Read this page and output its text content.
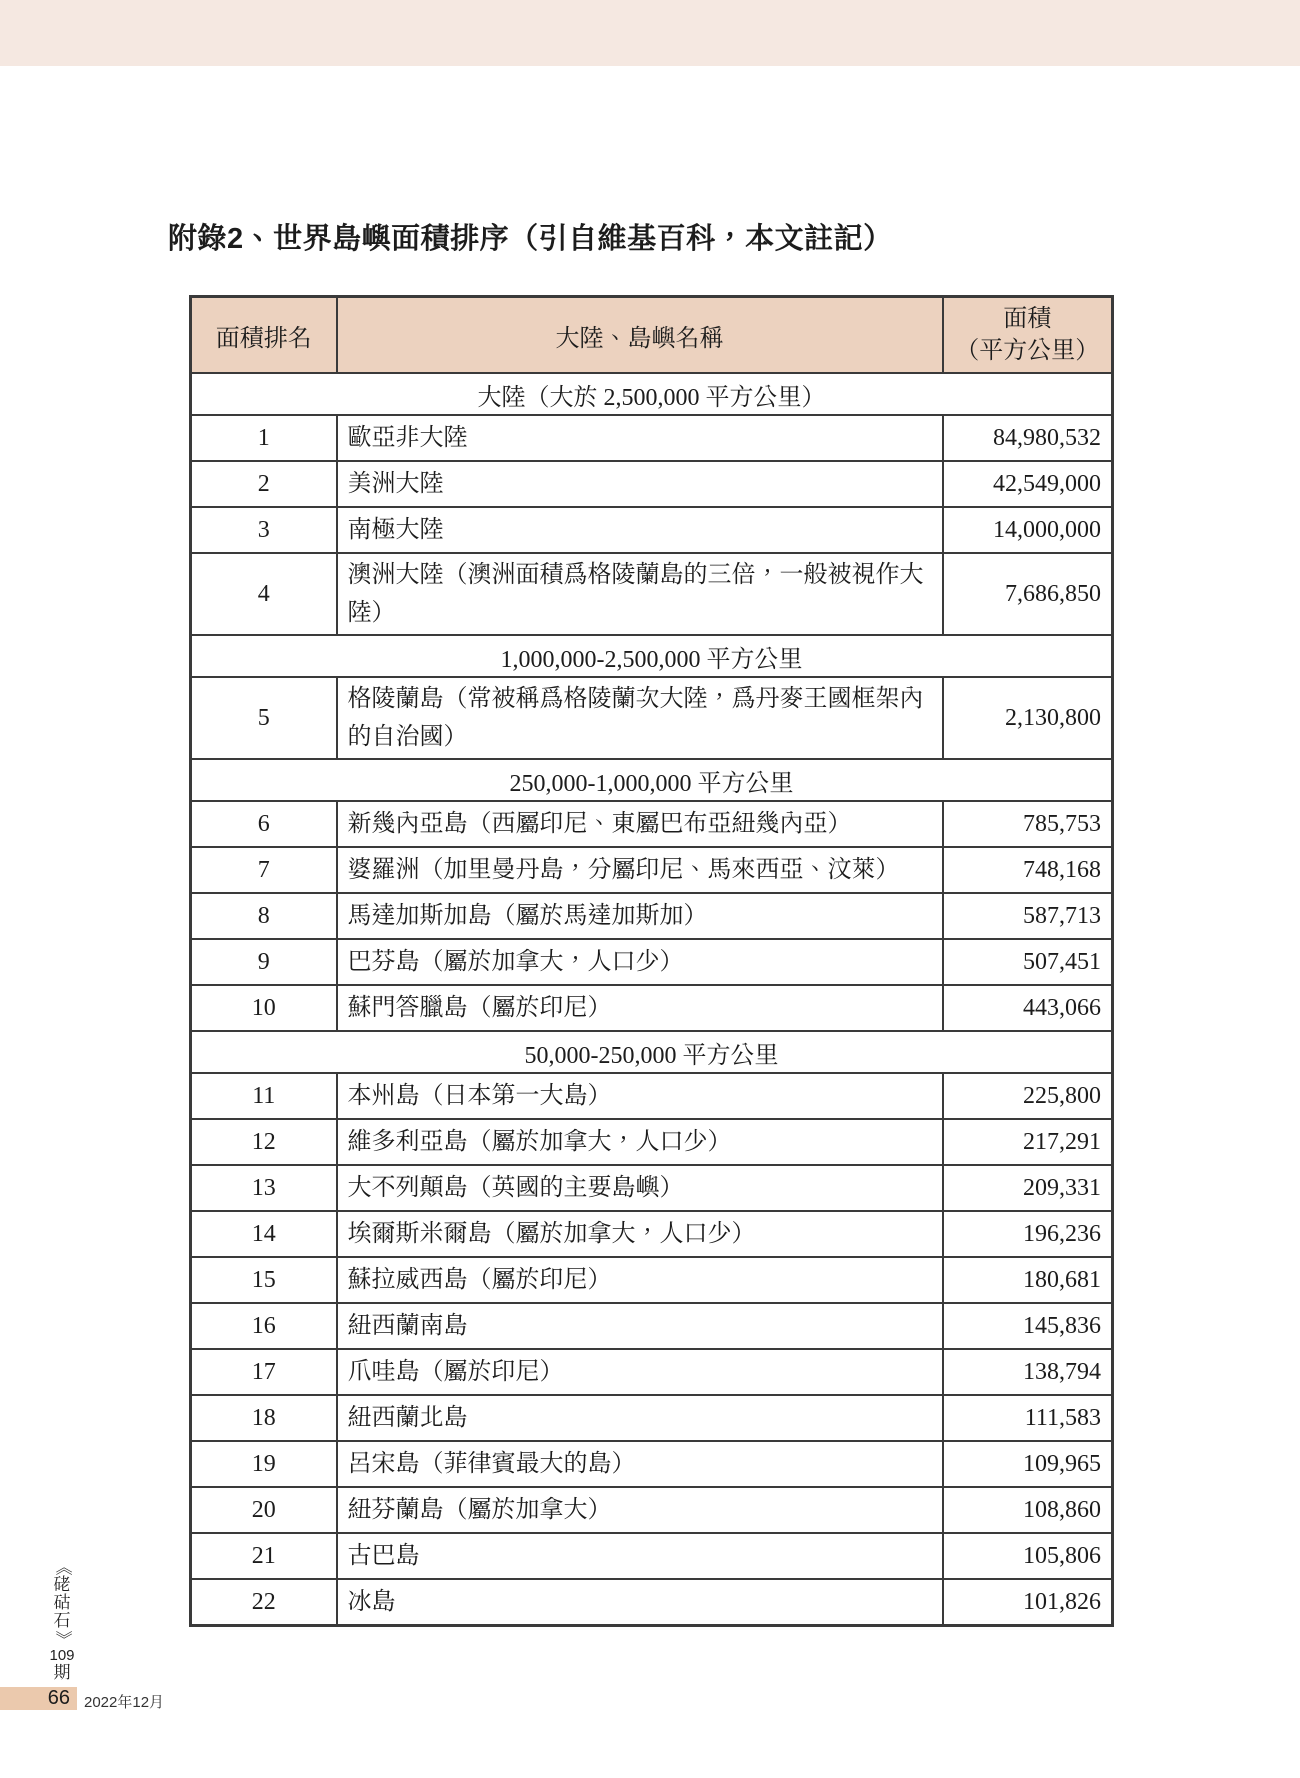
附錄2、世界島嶼面積排序（引自維基百科，本文註記）
面積排名	大陸、島嶼名稱	面積
（平方公里）

大陸（大於 2,500,000 平方公里）		
1	歐亞非大陸	84,980,532
2	美洲大陸	42,549,000
3	南極大陸	14,000,000
4	澳洲大陸（澳洲面積爲格陵蘭島的三倍，一般被視作大陸）	7,686,850
1,000,000-2,500,000 平方公里		
5	格陵蘭島（常被稱爲格陵蘭次大陸，爲丹麥王國框架內的自治國）	2,130,800
250,000-1,000,000 平方公里		
6	新幾內亞島（西屬印尼、東屬巴布亞紐幾內亞）	785,753
7	婆羅洲（加里曼丹島，分屬印尼、馬來西亞、汶萊）	748,168
8	馬達加斯加島（屬於馬達加斯加）	587,713
9	巴芬島（屬於加拿大，人口少）	507,451
10	蘇門答臘島（屬於印尼）	443,066
50,000-250,000 平方公里		
11	本州島（日本第一大島）	225,800
12	維多利亞島（屬於加拿大，人口少）	217,291
13	大不列顛島（英國的主要島嶼）	209,331
14	埃爾斯米爾島（屬於加拿大，人口少）	196,236
15	蘇拉威西島（屬於印尼）	180,681
16	紐西蘭南島	145,836
17	爪哇島（屬於印尼）	138,794
18	紐西蘭北島	111,583
19	呂宋島（菲律賓最大的島）	109,965
20	紐芬蘭島（屬於加拿大）	108,860
21	古巴島	105,806
22	冰島	101,826
《
硓
𥑮
石
》
109
期
66 2022年12月
